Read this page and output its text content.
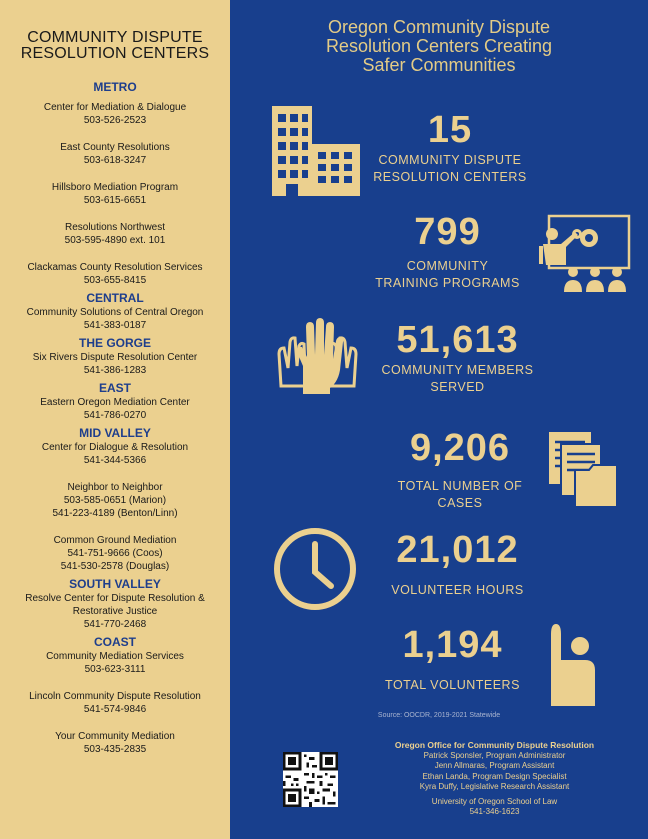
COMMUNITY DISPUTE
RESOLUTION CENTERS
METRO
Center for Mediation & Dialogue
503-526-2523
East County Resolutions
503-618-3247
Hillsboro Mediation Program
503-615-6651
Resolutions Northwest
503-595-4890 ext. 101
Clackamas County Resolution Services
503-655-8415
CENTRAL
Community Solutions of Central Oregon
541-383-0187
THE GORGE
Six Rivers Dispute Resolution Center
541-386-1283
EAST
Eastern Oregon Mediation Center
541-786-0270
MID VALLEY
Center for Dialogue & Resolution
541-344-5366
Neighbor to Neighbor
503-585-0651 (Marion)
541-223-4189 (Benton/Linn)
Common Ground Mediation
541-751-9666 (Coos)
541-530-2578 (Douglas)
SOUTH VALLEY
Resolve Center for Dispute Resolution &
Restorative Justice
541-770-2468
COAST
Community Mediation Services
503-623-3111
Lincoln Community Dispute Resolution
541-574-9846
Your Community Mediation
503-435-2835
Oregon Community Dispute
Resolution Centers Creating
Safer Communities
15
COMMUNITY DISPUTE
RESOLUTION CENTERS
799
COMMUNITY
TRAINING PROGRAMS
51,613
COMMUNITY MEMBERS
SERVED
9,206
TOTAL NUMBER OF
CASES
21,012
VOLUNTEER HOURS
1,194
TOTAL VOLUNTEERS
Source: OOCDR, 2019-2021 Statewide
Oregon Office for Community Dispute Resolution
Patrick Sponsler, Program Administrator
Jenn Allmaras, Program Assistant
Ethan Landa, Program Design Specialist
Kyra Duffy, Legislative Research Assistant
University of Oregon School of Law
541-346-1623
